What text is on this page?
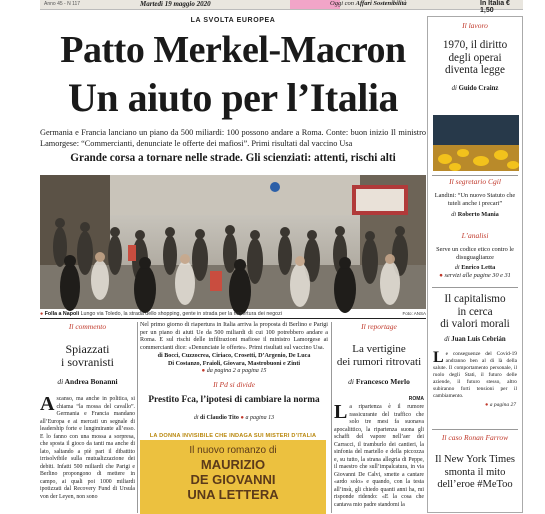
Anno 45 - N 117	Martedì 19 maggio 2020	Oggi con Affari Sostenibilità	In Italia € 1,50
LA SVOLTA EUROPEA
Patto Merkel-Macron
Un aiuto per l’Italia
Germania e Francia lanciano un piano da 500 miliardi: 100 possono andare a Roma. Conte: buon inizio Il ministro Lamorgese: “Commercianti, denunciate le offerte dei mafiosi”. Primi risultati dal vaccino Usa
Grande corsa a tornare nelle strade. Gli scienziati: attenti, rischi alti
● Folla a Napoli Lungo via Toledo, la strada dello shopping, gente in strada per la riapertura dei negozi	Foto: ANSA
Il commento
Spiazzati
i sovranisti
di Andrea Bonanni
Ascanso, ma anche in politica, si chiama “la mossa del cavallo”. Germania e Francia mandano all’Europa e ai mercati un segnale di leadership forte e lungimirante all’esso. E lo fanno con una mossa a sorpresa, che sposta il gioco da tanti ma anche di lato, saltando a piè pari il dibattito irrisolvibile sulla mutualizzazione dei debiti. Infatti 500 miliardi che Parigi e Berlino propongono di mettere in campo, ai quali poi 1000 miliardi ipotizzati dal Recovery Fund di Ursula von der Leyen, non sono
Nel primo giorno di riapertura in Italia arriva la proposta di Berlino e Parigi per un piano di aiuti Ue da 500 miliardi di cui 100 potrebbero andare a Roma. E sul rischi delle infiltrazioni mafiose il ministro Lamorgese ai commercianti dice: «Denunciate le offerte». Primi risultati sul vaccino Usa.
di Bocci, Cuzzocrea, Ciriaco, Crosetti, D’Argenio, De Luca
Di Costanzo, Fraioli, Giovara, Mastrobuoni e Zinti
● da pagina 2 a pagina 15
Il Pd si divide
Prestito Fca, l’ipotesi di cambiare la norma
di di Claudio Tito ● a pagina 13
LA DONNA INVISIBILE CHE INDAGA SUI MISTERI D’ITALIA
Il nuovo romanzo di
MAURIZIO
DE GIOVANNI
UNA LETTERA
Il reportage
La vertigine
dei rumori ritrovati
di Francesco Merlo
ROMA
La ripartenza è il rumore rassicurante del traffico che solo tre mesi fa suonava apocalittico, la ripartenza suona gli schaffi del vapore nell’aer dei Carracci, il tramburlo dei cantieri, la sinfonia del martello e della piccozza e, su tutto, la strana allegria di Peppe, il maestro che sull’impalcatura, in via Giovanni De Calvi, smette a cantare «ardo solo» e quando, con la testa all’insù, gli chiedo quanti anni ha, mi risponde ridendo: «E la cosa che cantava mio padre standomi la
Il lavoro
1970, il diritto
degli operai
diventa legge
di Guido Crainz
Il segretario Cgil
Landini: “Un nuovo Statuto che tuteli anche i precari”
di Roberto Mania
L’analisi
Serve un codice etico contro le disuguaglianze
di Enrico Letta
● servizi alle pagine 30 e 31
Il capitalismo
in cerca
di valori morali
di Juan Luis Cebrián
Le conseguenze del Covid-19 andranno ben al di là della salute. Il comportamento personale, il ruolo degli Stati, il futuro delle aziende, il futuro stesso, altro subiranno forti tensioni per il cambiamento.
● a pagina 27
Il caso Ronan Farrow
Il New York Times
smonta il mito
dell’eroe #MeToo
